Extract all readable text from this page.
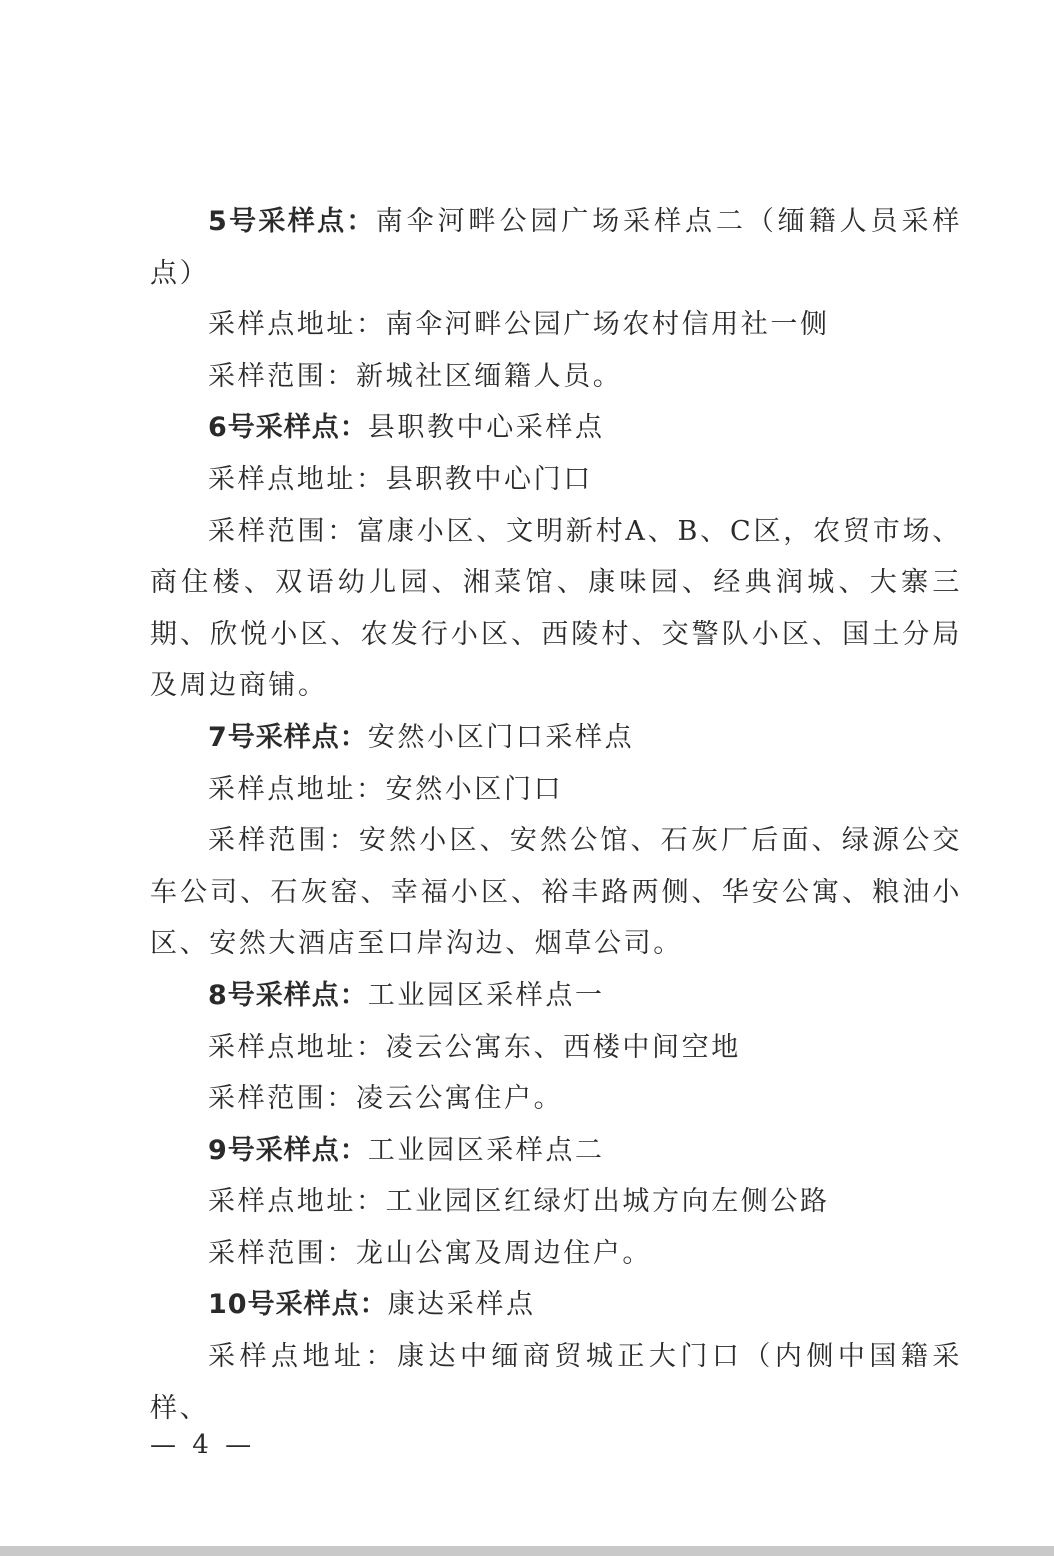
5号采样点：南伞河畔公园广场采样点二（缅籍人员采样点）

采样点地址：南伞河畔公园广场农村信用社一侧

采样范围：新城社区缅籍人员。

6号采样点：县职教中心采样点

采样点地址：县职教中心门口

采样范围：富康小区、文明新村A、B、C区，农贸市场、商住楼、双语幼儿园、湘菜馆、康味园、经典润城、大寨三期、欣悦小区、农发行小区、西陵村、交警队小区、国土分局及周边商铺。

7号采样点：安然小区门口采样点

采样点地址：安然小区门口

采样范围：安然小区、安然公馆、石灰厂后面、绿源公交车公司、石灰窑、幸福小区、裕丰路两侧、华安公寓、粮油小区、安然大酒店至口岸沟边、烟草公司。

8号采样点：工业园区采样点一

采样点地址：凌云公寓东、西楼中间空地

采样范围：凌云公寓住户。

9号采样点：工业园区采样点二

采样点地址：工业园区红绿灯出城方向左侧公路

采样范围：龙山公寓及周边住户。

10号采样点：康达采样点

采样点地址：康达中缅商贸城正大门口（内侧中国籍采样、

— 4 —
